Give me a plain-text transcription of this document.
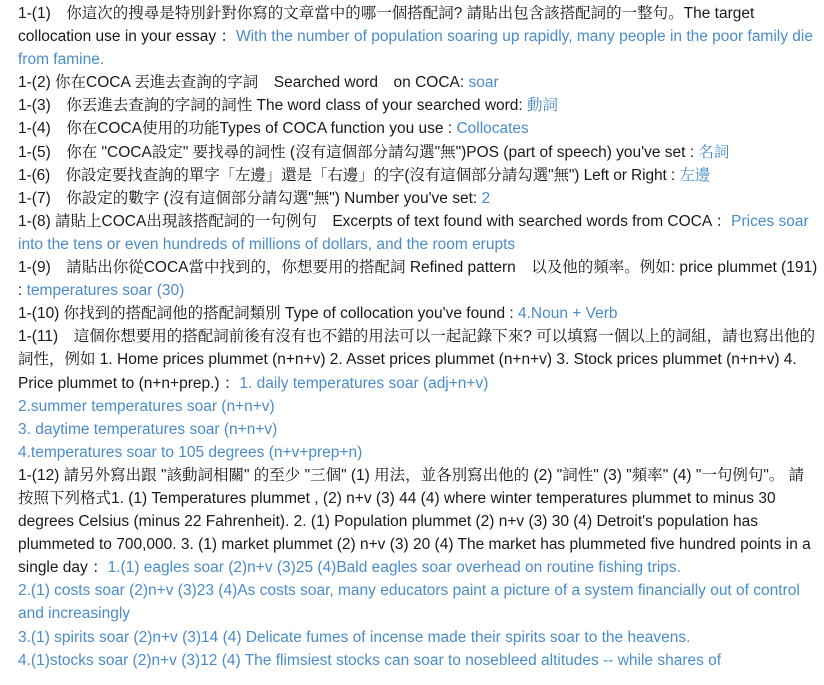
1-(1)　你這次的搜尋是特別針對你寫的文章當中的哪一個搭配詞? 請貼出包含該搭配詞的一整句。The target collocation use in your essay ：With the number of population soaring up rapidly, many people in the poor family die from famine.

1-(2) 你在COCA 丟進去查詢的字詞　Searched word　on COCA: soar

1-(3)　你丟進去查詢的字詞的詞性 The word class of your searched word: 動詞

1-(4)　你在COCA使用的功能Types of COCA function you use : Collocates

1-(5)　你在 "COCA設定" 要找尋的詞性 (沒有這個部分請勾選"無")POS (part of speech) you've set : 名詞

1-(6)　你設定要找查詢的單字「左邊」還是「右邊」的字(沒有這個部分請勾選"無") Left or Right : 左邊

1-(7)　你設定的數字 (沒有這個部分請勾選"無") Number you've set: 2

1-(8) 請貼上COCA出現該搭配詞的一句例句　Excerpts of text found with searched words from COCA ：Prices soar into the tens or even hundreds of millions of dollars, and the room erupts

1-(9)　請貼出你從COCA當中找到的，你想要用的搭配詞 Refined pattern　以及他的頻率。例如: price plummet (191) : temperatures soar (30)

1-(10) 你找到的搭配詞他的搭配詞類別 Type of collocation you've found : 4.Noun + Verb

1-(11)　這個你想要用的搭配詞前後有沒有也不錯的用法可以一起記錄下來? 可以填寫一個以上的詞組，請也寫出他的詞性，例如 1. Home prices plummet (n+n+v) 2. Asset prices plummet (n+n+v) 3. Stock prices plummet (n+n+v) 4. Price plummet to (n+n+prep.) ：1. daily temperatures soar (adj+n+v)

2.summer temperatures soar (n+n+v)

3. daytime temperatures soar (n+n+v)

4.temperatures soar to 105 degrees (n+v+prep+n)

1-(12) 請另外寫出跟 "該動詞相關" 的至少 "三個" (1) 用法，並各別寫出他的 (2) "詞性" (3) "頻率" (4) "一句例句"。 請按照下列格式1. (1) Temperatures plummet , (2) n+v (3) 44 (4) where winter temperatures plummet to minus 30 degrees Celsius (minus 22 Fahrenheit). 2. (1) Population plummet (2) n+v (3) 30 (4) Detroit's population has plummeted to 700,000. 3. (1) market plummet (2) n+v (3) 20 (4) The market has plummeted five hundred points in a single day ：1.(1) eagles soar (2)n+v (3)25 (4)Bald eagles soar overhead on routine fishing trips.

2.(1) costs soar (2)n+v (3)23 (4)As costs soar, many educators paint a picture of a system financially out of control and increasingly

3.(1) spirits soar (2)n+v (3)14 (4) Delicate fumes of incense made their spirits soar to the heavens.

4.(1)stocks soar (2)n+v (3)12 (4) The flimsiest stocks can soar to nosebleed altitudes -- while shares of
